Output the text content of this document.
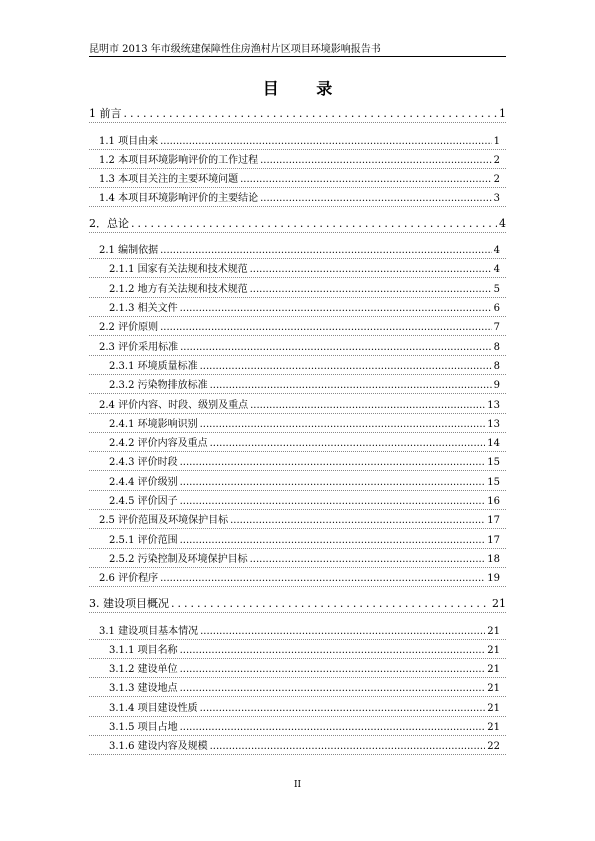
昆明市 2013 年市级统建保障性住房渔村片区项目环境影响报告书
目 录
1 前言 .....	1
1.1 项目由来 .....	1
1.2 本项目环境影响评价的工作过程 .....	2
1.3 本项目关注的主要环境问题 .....	2
1.4 本项目环境影响评价的主要结论 .....	3
2．总论 .....	4
2.1 编制依据 .....	4
2.1.1 国家有关法规和技术规范 .....	4
2.1.2 地方有关法规和技术规范 .....	5
2.1.3 相关文件 .....	6
2.2 评价原则 .....	7
2.3 评价采用标准 .....	8
2.3.1 环境质量标准 .....	8
2.3.2 污染物排放标准 .....	9
2.4 评价内容、时段、级别及重点 .....	13
2.4.1 环境影响识别 .....	13
2.4.2 评价内容及重点 .....	14
2.4.3 评价时段 .....	15
2.4.4 评价级别 .....	15
2.4.5 评价因子 .....	16
2.5 评价范围及环境保护目标 .....	17
2.5.1 评价范围 .....	17
2.5.2 污染控制及环境保护目标 .....	18
2.6 评价程序 .....	19
3. 建设项目概况 .....	21
3.1 建设项目基本情况 .....	21
3.1.1 项目名称 .....	21
3.1.2 建设单位 .....	21
3.1.3 建设地点 .....	21
3.1.4 项目建设性质 .....	21
3.1.5 项目占地 .....	21
3.1.6 建设内容及规模 .....	22
II
